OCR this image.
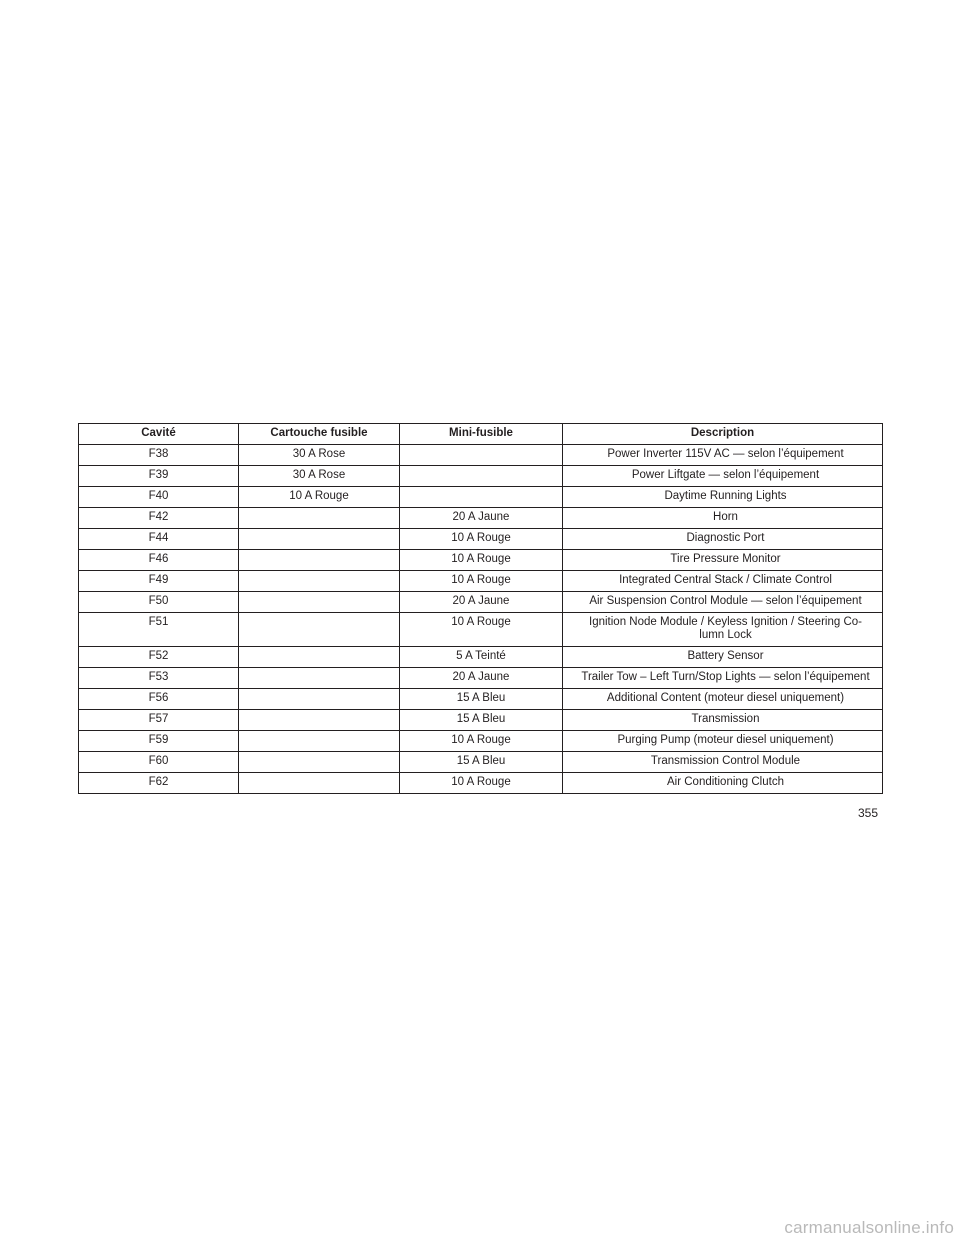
Cavité	Cartouche fusible	Mini-fusible	Description
F38	30 A Rose		Power Inverter 115V AC — selon l’équipement
F39	30 A Rose		Power Liftgate — selon l’équipement
F40	10 A Rouge		Daytime Running Lights
F42		20 A Jaune	Horn
F44		10 A Rouge	Diagnostic Port
F46		10 A Rouge	Tire Pressure Monitor
F49		10 A Rouge	Integrated Central Stack / Climate Control
F50		20 A Jaune	Air Suspension Control Module — selon l’équipement
F51		10 A Rouge	Ignition Node Module / Keyless Ignition / Steering Co-
lumn Lock
F52		5 A Teinté	Battery Sensor
F53		20 A Jaune	Trailer Tow – Left Turn/Stop Lights — selon l’équipement
F56		15 A Bleu	Additional Content (moteur diesel uniquement)
F57		15 A Bleu	Transmission
F59		10 A Rouge	Purging Pump (moteur diesel uniquement)
F60		15 A Bleu	Transmission Control Module
F62		10 A Rouge	Air Conditioning Clutch
355
carmanualsonline.info
